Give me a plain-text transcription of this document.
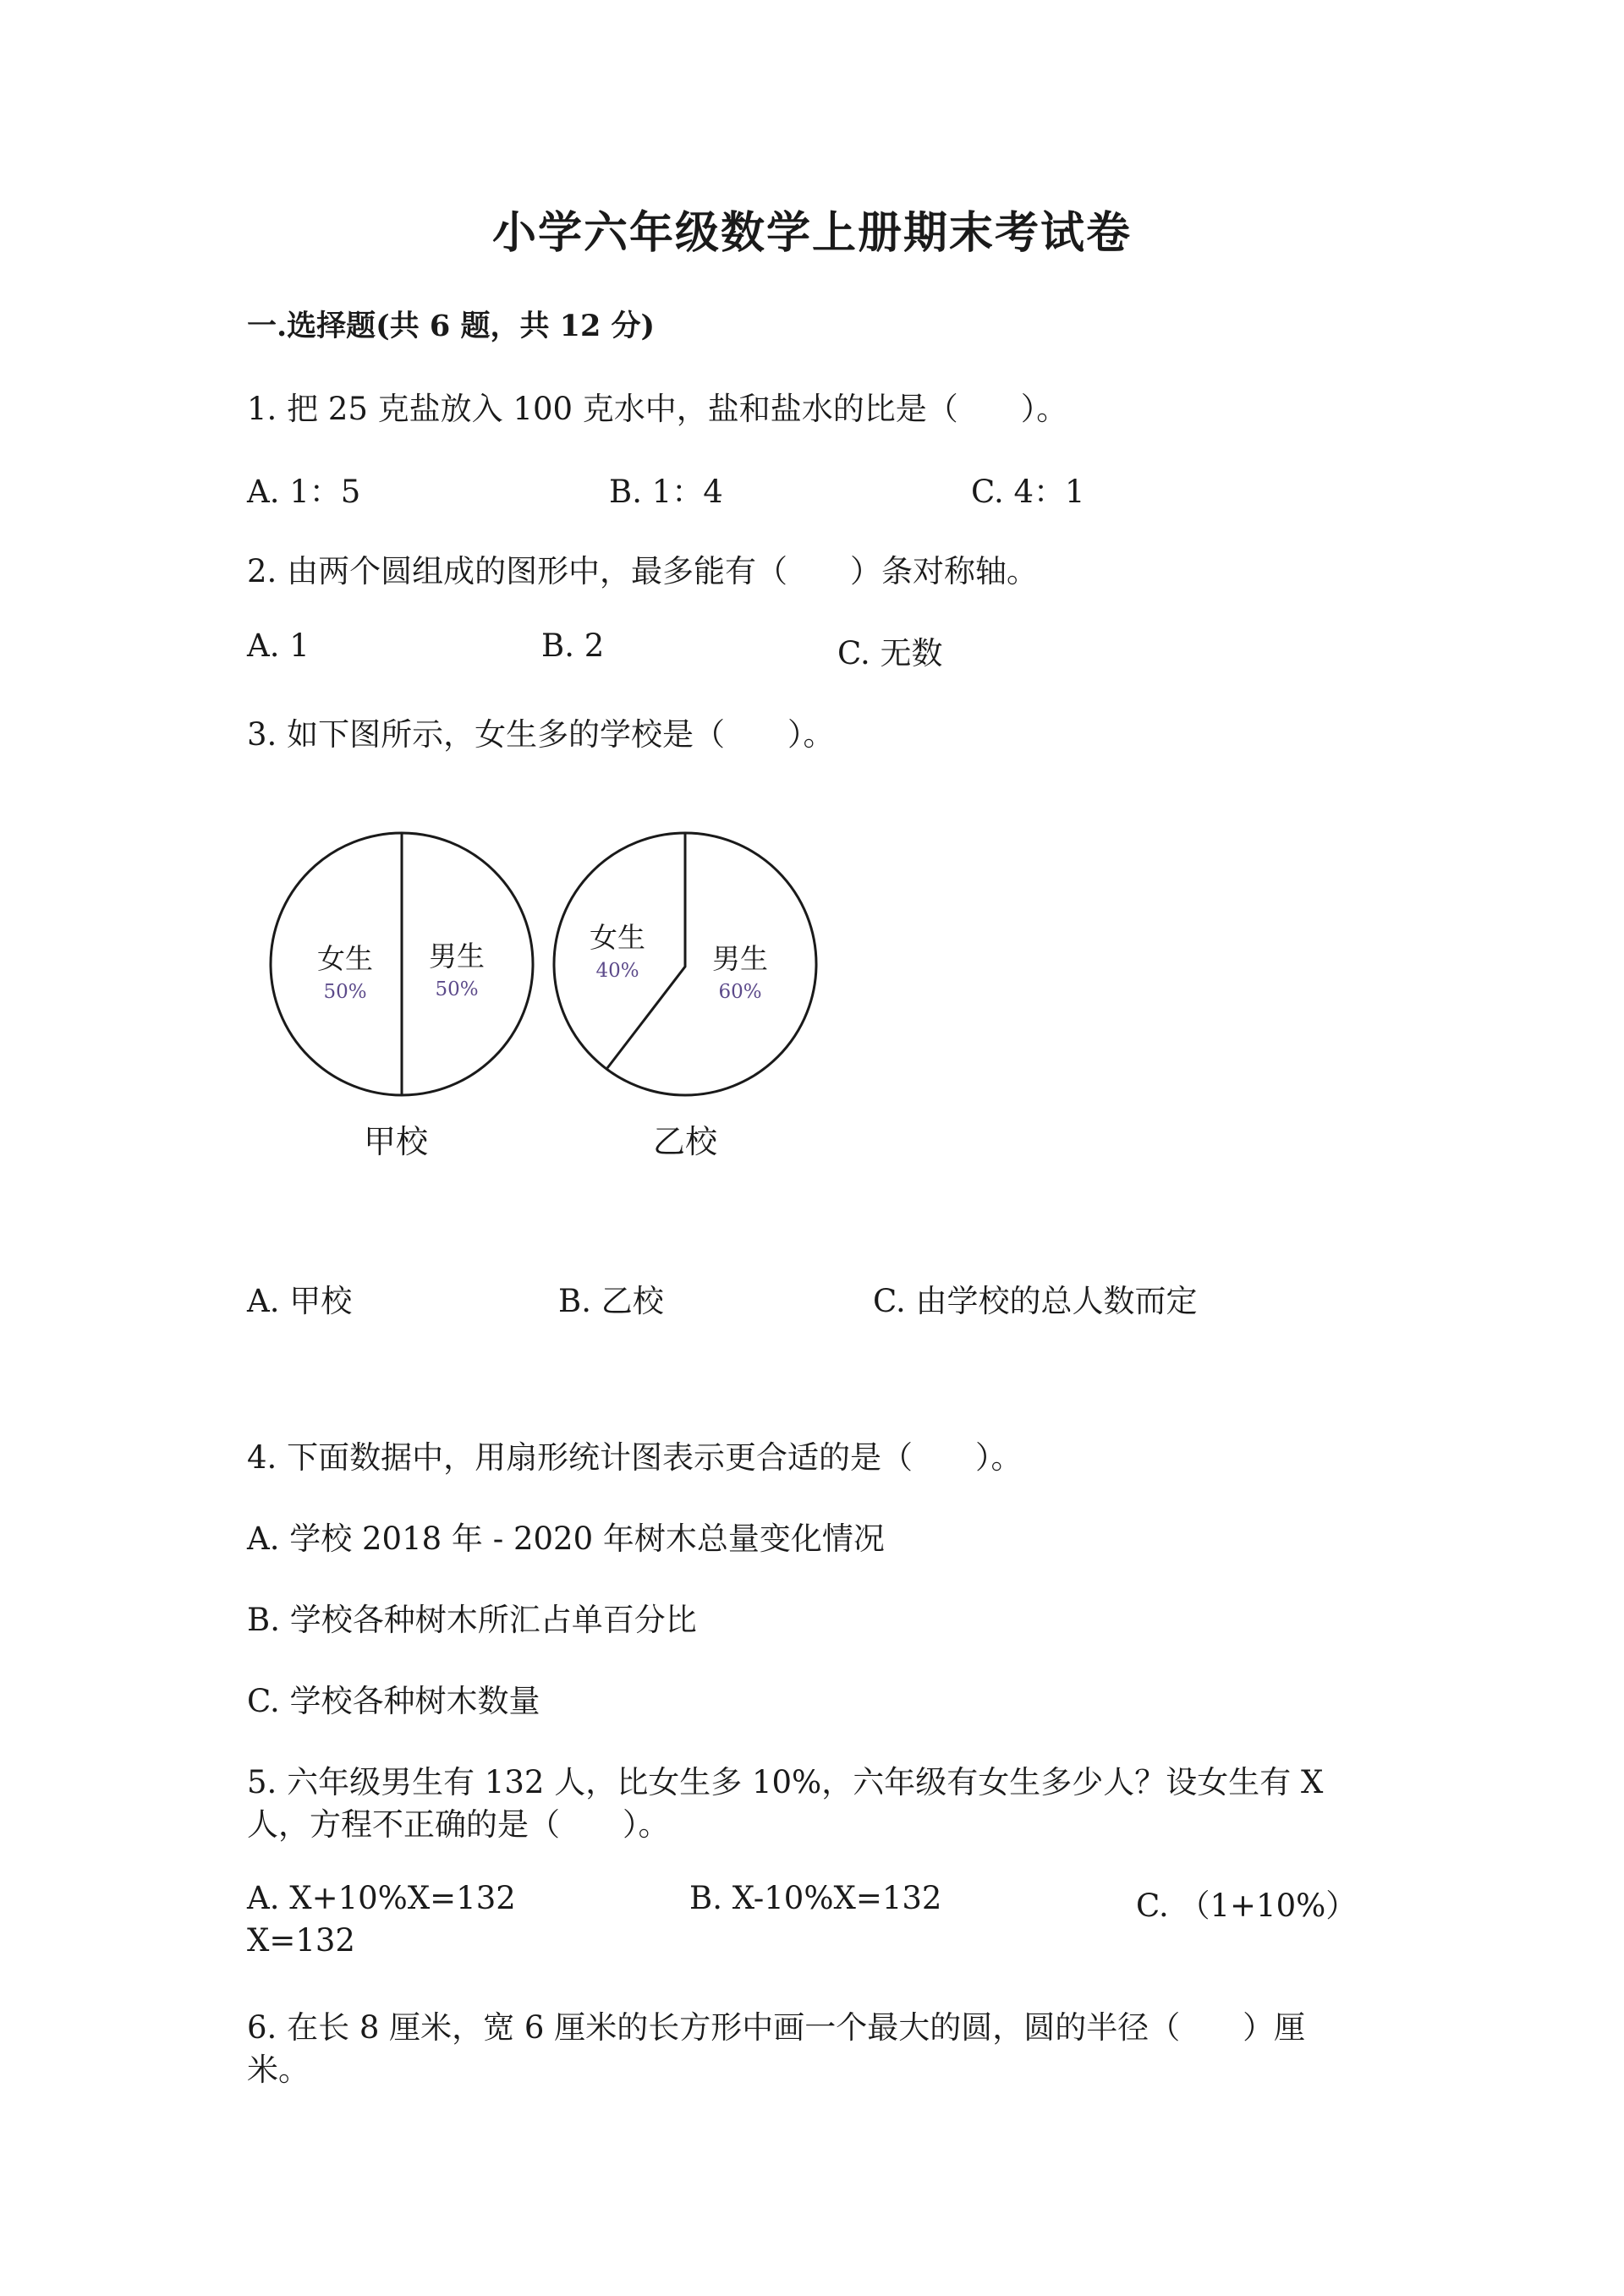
小学六年级数学上册期末考试卷
一.选择题(共 6 题，共 12 分)
1. 把 25 克盐放入 100 克水中，盐和盐水的比是（　　）。
A. 1：5	B. 1：4	C. 4：1
2. 由两个圆组成的图形中，最多能有（　　）条对称轴。
A. 1	B. 2	C. 无数
3. 如下图所示，女生多的学校是（　　）。
女生
50%
男生
50%
甲校
女生
40%	男生
60%
乙校
A. 甲校	B. 乙校	C. 由学校的总人数而定
4. 下面数据中，用扇形统计图表示更合适的是（　　）。
A. 学校 2018 年 - 2020 年树木总量变化情况
B. 学校各种树木所汇占单百分比
C. 学校各种树木数量
5. 六年级男生有 132 人，比女生多 10%，六年级有女生多少人？设女生有 X
人，方程不正确的是（　　）。
A. X+10%X=132	B. X-10%X=132	C. （1+10%）
X=132
6. 在长 8 厘米，宽 6 厘米的长方形中画一个最大的圆，圆的半径（　　）厘
米。
